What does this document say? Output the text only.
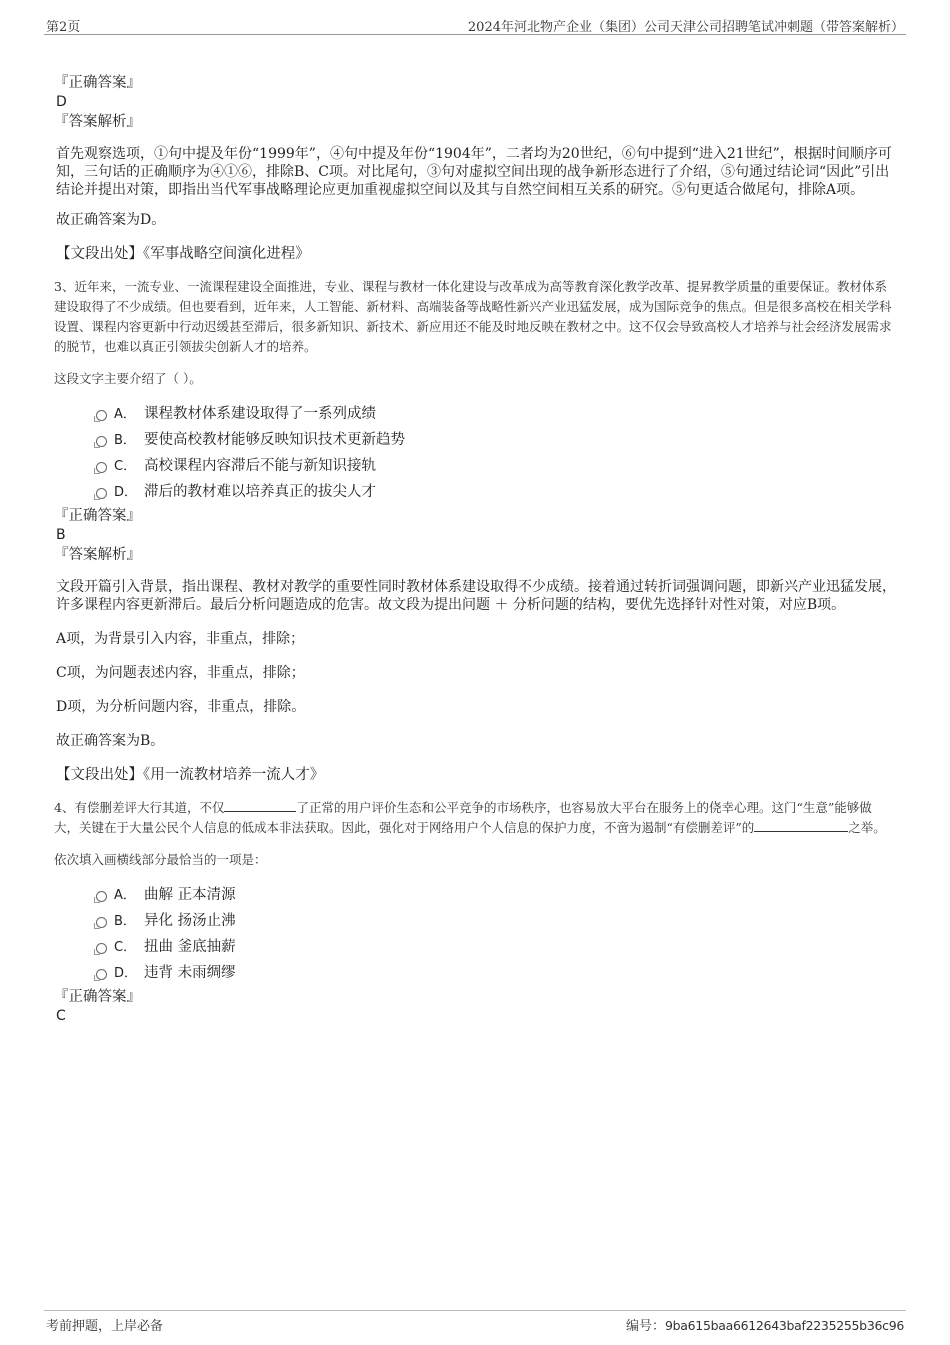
第2页	2024年河北物产企业（集团）公司天津公司招聘笔试冲刺题（带答案解析）
『正确答案』
D
『答案解析』
首先观察选项，①句中提及年份“1999年”，④句中提及年份“1904年”，二者均为20世纪，⑥句中提到“进入21世纪”，根据时间顺序可知，三句话的正确顺序为④①⑥，排除B、C项。对比尾句，③句对虚拟空间出现的战争新形态进行了介绍，⑤句通过结论词“因此”引出结论并提出对策，即指出当代军事战略理论应更加重视虚拟空间以及其与自然空间相互关系的研究。⑤句更适合做尾句，排除A项。
故正确答案为D。
【文段出处】《军事战略空间演化进程》
3、近年来，一流专业、一流课程建设全面推进，专业、课程与教材一体化建设与改革成为高等教育深化教学改革、提昇教学质量的重要保证。教材体系建设取得了不少成绩。但也要看到，近年来，人工智能、新材料、高端装备等战略性新兴产业迅猛发展，成为国际竞争的焦点。但是很多高校在相关学科设置、课程内容更新中行动迟缓甚至滞后，很多新知识、新技术、新应用还不能及时地反映在教材之中。这不仅会导致高校人才培养与社会经济发展需求的脱节，也难以真正引领拔尖创新人才的培养。
这段文字主要介绍了（ ）。
A． 课程教材体系建设取得了一系列成绩
B． 要使高校教材能够反映知识技术更新趋势
C． 高校课程内容滞后不能与新知识接轨
D． 滞后的教材难以培养真正的拔尖人才
『正确答案』
B
『答案解析』
文段开篇引入背景，指出课程、教材对教学的重要性同时教材体系建设取得不少成绩。接着通过转折词强调问题，即新兴产业迅猛发展，许多课程内容更新滞后。最后分析问题造成的危害。故文段为提出问题 ＋ 分析问题的结构，要优先选择针对性对策，对应B项。
A项，为背景引入内容，非重点，排除；
C项，为问题表述内容，非重点，排除；
D项，为分析问题内容，非重点，排除。
故正确答案为B。
【文段出处】《用一流教材培养一流人才》
4、有偿删差评大行其道，不仅	了正常的用户评价生态和公平竞争的市场秩序，也容易放大平台在服务上的侥幸心理。这门“生意”能够做大，关键在于大量公民个人信息的低成本非法获取。因此，强化对于网络用户个人信息的保护力度，不啻为遏制“有偿删差评”的	之举。
依次填入画横线部分最恰当的一项是：
A． 曲解 正本清源
B． 异化 扬汤止沸
C． 扭曲 釜底抽薪
D． 违背 未雨绸缪
『正确答案』
C
考前押题，上岸必备	编号：9ba615baa6612643baf2235255b36c96
